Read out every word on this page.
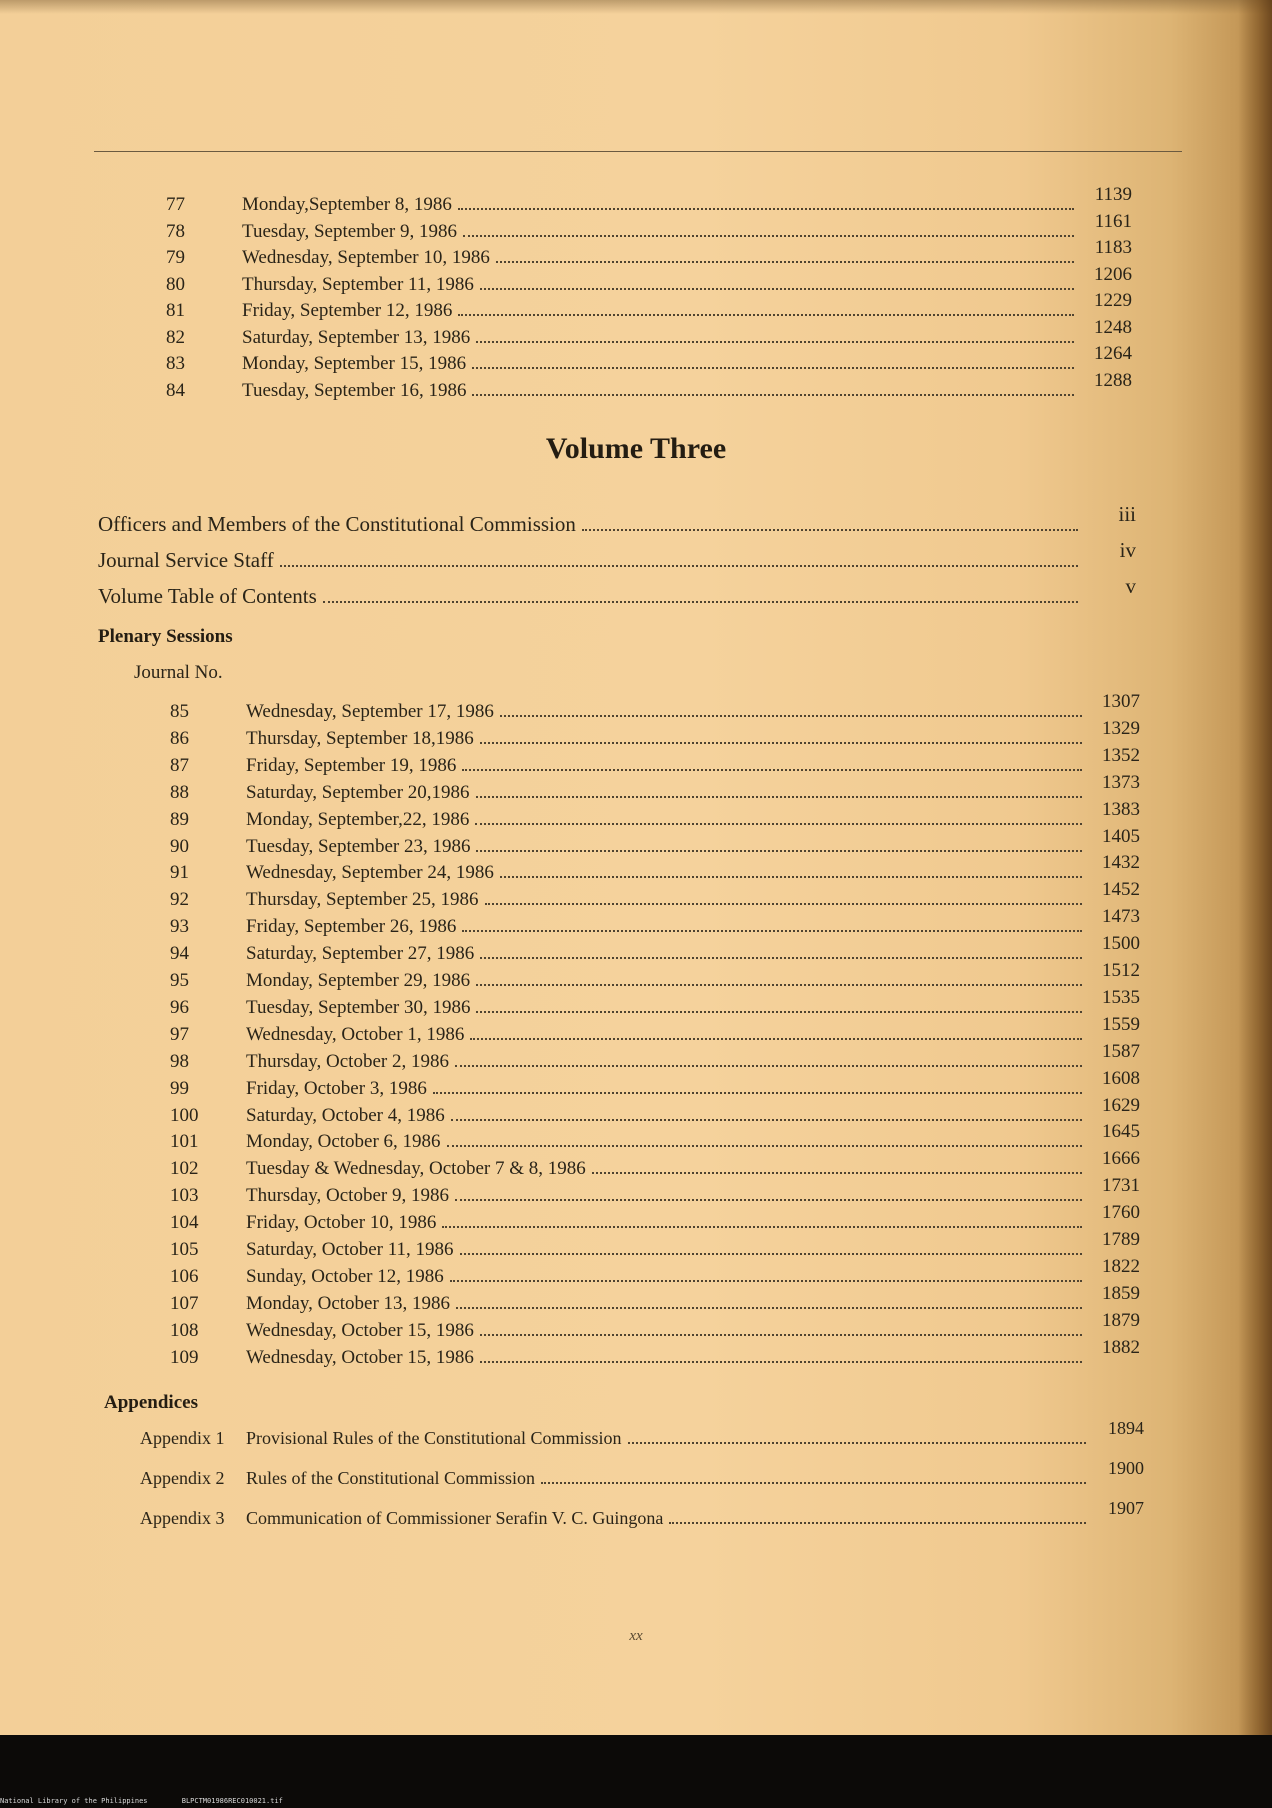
77	Monday,September 8, 1986	1139
78	Tuesday, September 9, 1986	1161
79	Wednesday, September 10, 1986	1183
80	Thursday, September 11, 1986	1206
81	Friday, September 12, 1986	1229
82	Saturday, September 13, 1986	1248
83	Monday, September 15, 1986	1264
84	Tuesday, September 16, 1986	1288
Volume Three
Officers and Members of the Constitutional Commission	iii
Journal Service Staff	iv
Volume Table of Contents	v
Plenary Sessions
Journal No.
85	Wednesday, September 17, 1986	1307
86	Thursday, September 18,1986	1329
87	Friday, September 19, 1986	1352
88	Saturday, September 20,1986	1373
89	Monday, September,22, 1986	1383
90	Tuesday, September 23, 1986	1405
91	Wednesday, September 24, 1986	1432
92	Thursday, September 25, 1986	1452
93	Friday, September 26, 1986	1473
94	Saturday, September 27, 1986	1500
95	Monday, September 29, 1986	1512
96	Tuesday, September 30, 1986	1535
97	Wednesday, October 1, 1986	1559
98	Thursday, October 2, 1986	1587
99	Friday, October 3, 1986	1608
100	Saturday, October 4, 1986	1629
101	Monday, October 6, 1986	1645
102	Tuesday & Wednesday, October 7 & 8, 1986	1666
103	Thursday, October 9, 1986	1731
104	Friday, October 10, 1986	1760
105	Saturday, October 11, 1986	1789
106	Sunday, October 12, 1986	1822
107	Monday, October 13, 1986	1859
108	Wednesday, October 15, 1986	1879
109	Wednesday, October 15, 1986	1882
Appendices
Appendix 1	Provisional Rules of the Constitutional Commission	1894
Appendix 2	Rules of the Constitutional Commission	1900
Appendix 3	Communication of Commissioner Serafin V. C. Guingona	1907
xx
National Library of the Philippines	BLPCTM01986REC010021.tif
